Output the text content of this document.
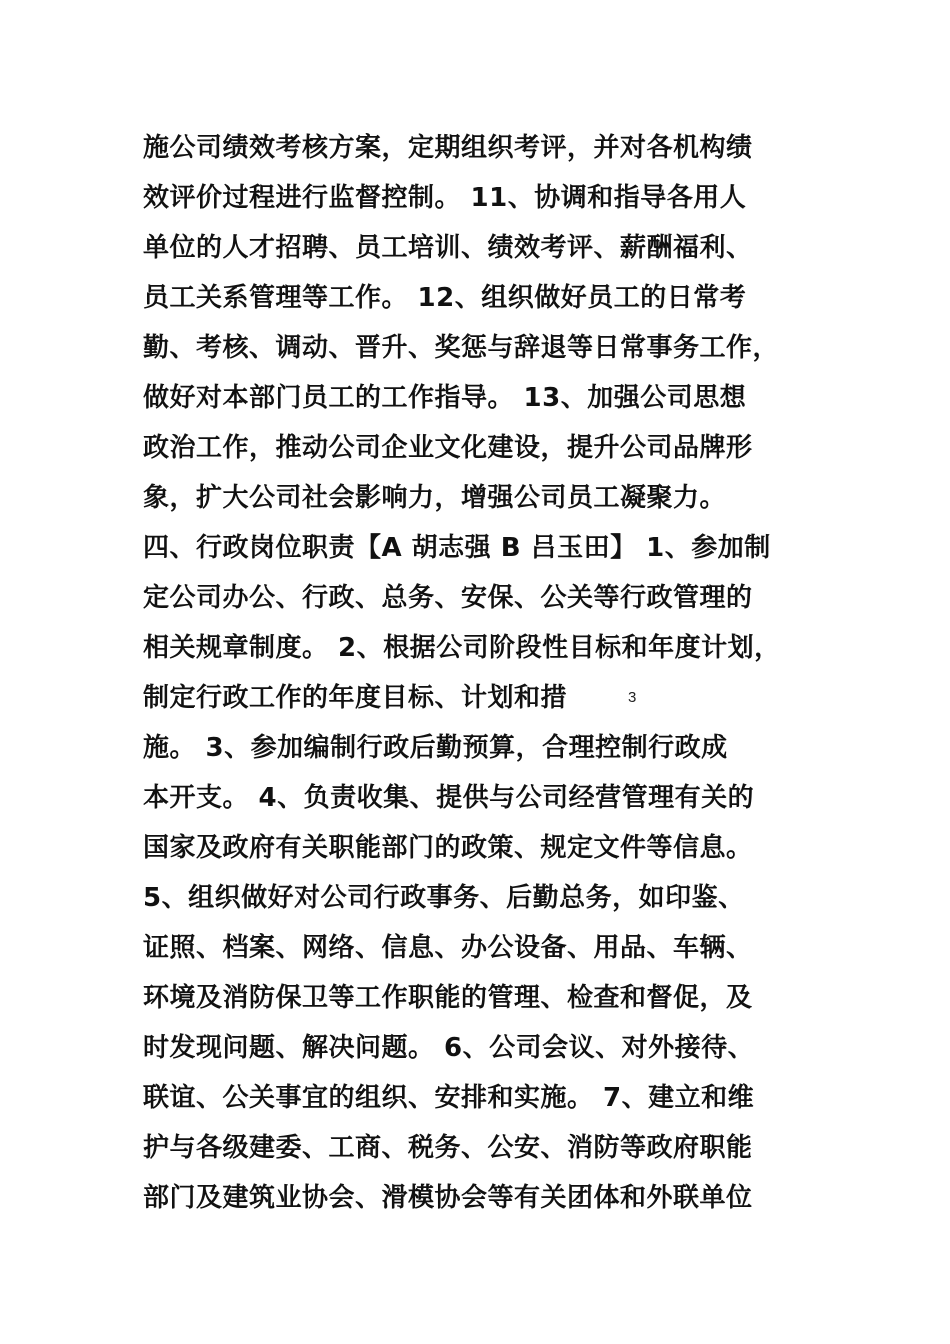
施公司绩效考核方案，定期组织考评，并对各机构绩
效评价过程进行监督控制。 11、协调和指导各用人
单位的人才招聘、员工培训、绩效考评、薪酬福利、
员工关系管理等工作。 12、组织做好员工的日常考
勤、考核、调动、晋升、奖惩与辞退等日常事务工作，
做好对本部门员工的工作指导。 13、加强公司思想
政治工作，推动公司企业文化建设，提升公司品牌形
象，扩大公司社会影响力，增强公司员工凝聚力。
四、行政岗位职责【A 胡志强 B 吕玉田】 1、参加制
定公司办公、行政、总务、安保、公关等行政管理的
相关规章制度。 2、根据公司阶段性目标和年度计划，
制定行政工作的年度目标、计划和措	3
施。 3、参加编制行政后勤预算，合理控制行政成
本开支。 4、负责收集、提供与公司经营管理有关的
国家及政府有关职能部门的政策、规定文件等信息。
5、组织做好对公司行政事务、后勤总务，如印鉴、
证照、档案、网络、信息、办公设备、用品、车辆、
环境及消防保卫等工作职能的管理、检查和督促，及
时发现问题、解决问题。 6、公司会议、对外接待、
联谊、公关事宜的组织、安排和实施。 7、建立和维
护与各级建委、工商、税务、公安、消防等政府职能
部门及建筑业协会、滑模协会等有关团体和外联单位
